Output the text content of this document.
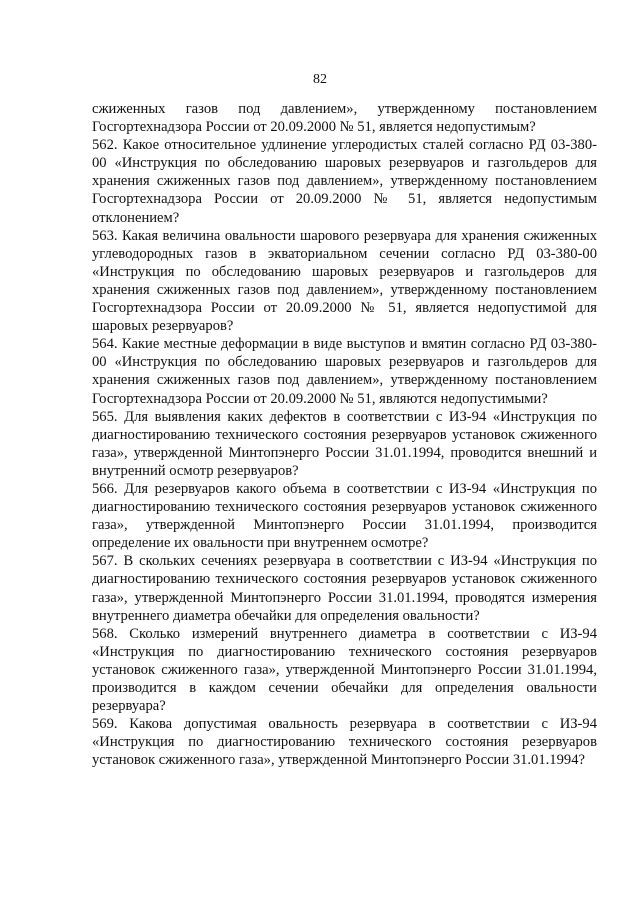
82

сжиженных газов под давлением», утвержденному постановлением Госгортехнадзора России от 20.09.2000 № 51, является недопустимым?

562. Какое относительное удлинение углеродистых сталей согласно РД 03-380-00 «Инструкция по обследованию шаровых резервуаров и газгольдеров для хранения сжиженных газов под давлением», утвержденному постановлением Госгортехнадзора России от 20.09.2000 № 51, является недопустимым отклонением?

563. Какая величина овальности шарового резервуара для хранения сжиженных углеводородных газов в экваториальном сечении согласно РД 03-380-00 «Инструкция по обследованию шаровых резервуаров и газгольдеров для хранения сжиженных газов под давлением», утвержденному постановлением Госгортехнадзора России от 20.09.2000 № 51, является недопустимой для шаровых резервуаров?

564. Какие местные деформации в виде выступов и вмятин согласно РД 03-380-00 «Инструкция по обследованию шаровых резервуаров и газгольдеров для хранения сжиженных газов под давлением», утвержденному постановлением Госгортехнадзора России от 20.09.2000 № 51, являются недопустимыми?

565. Для выявления каких дефектов в соответствии с ИЗ-94 «Инструкция по диагностированию технического состояния резервуаров установок сжиженного газа», утвержденной Минтопэнерго России 31.01.1994, проводится внешний и внутренний осмотр резервуаров?

566. Для резервуаров какого объема в соответствии с ИЗ-94 «Инструкция по диагностированию технического состояния резервуаров установок сжиженного газа», утвержденной Минтопэнерго России 31.01.1994, производится определение их овальности при внутреннем осмотре?

567. В скольких сечениях резервуара в соответствии с ИЗ-94 «Инструкция по диагностированию технического состояния резервуаров установок сжиженного газа», утвержденной Минтопэнерго России 31.01.1994, проводятся измерения внутреннего диаметра обечайки для определения овальности?

568. Сколько измерений внутреннего диаметра в соответствии с ИЗ-94 «Инструкция по диагностированию технического состояния резервуаров установок сжиженного газа», утвержденной Минтопэнерго России 31.01.1994, производится в каждом сечении обечайки для определения овальности резервуара?

569. Какова допустимая овальность резервуара в соответствии с ИЗ-94 «Инструкция по диагностированию технического состояния резервуаров установок сжиженного газа», утвержденной Минтопэнерго России 31.01.1994?
